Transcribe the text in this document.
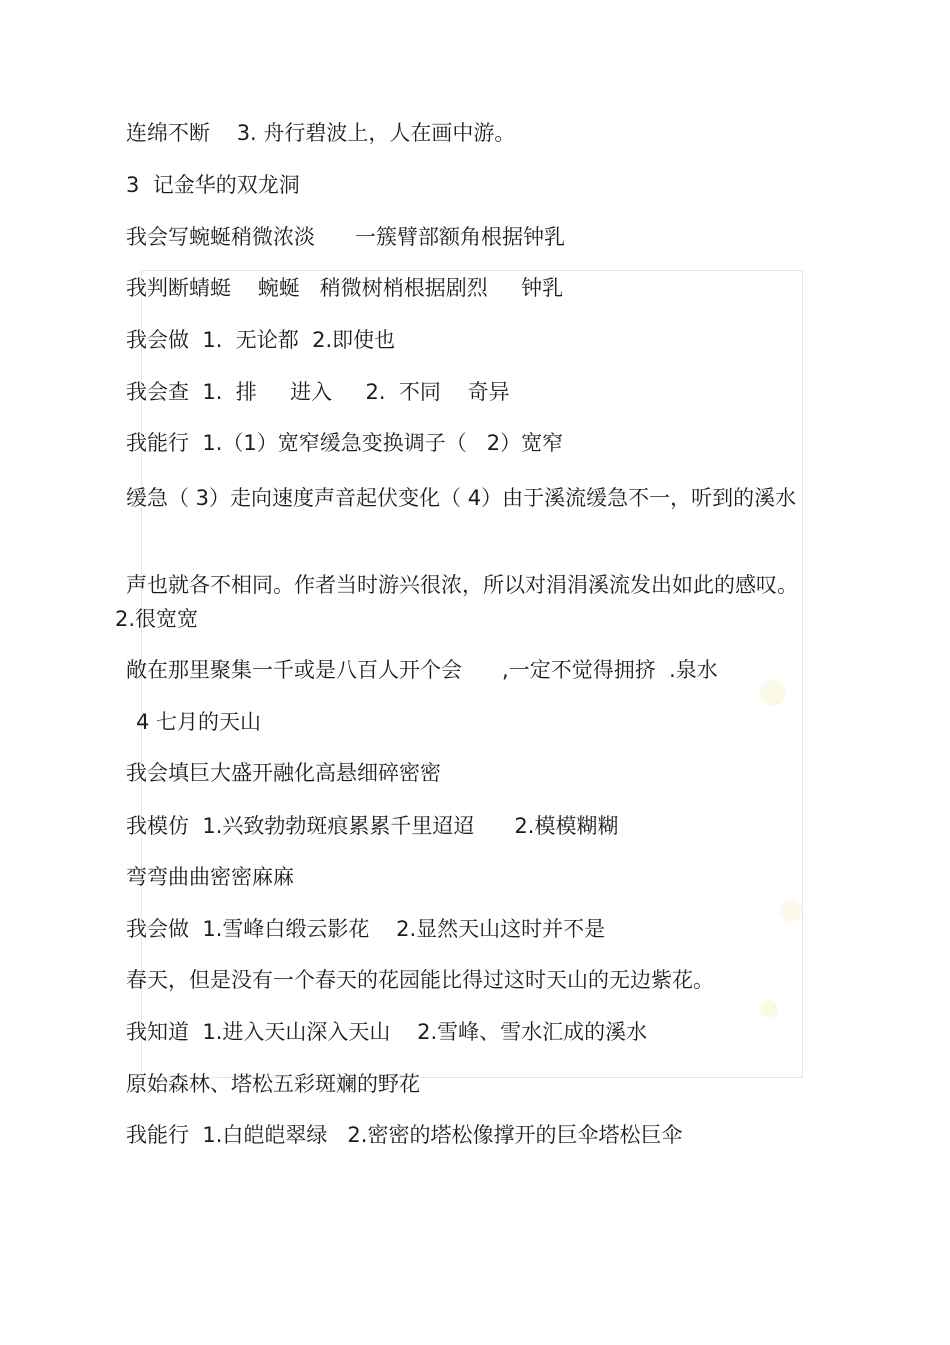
连绵不断    3. 舟行碧波上，人在画中游。
3  记金华的双龙洞
我会写蜿蜒稍微浓淡      一簇臂部额角根据钟乳
我判断蜻蜓    蜿蜒   稍微树梢根据剧烈     钟乳
我会做  1.  无论都  2.即使也
我会查  1.  排     进入     2.  不同    奇异
我能行  1.（1）宽窄缓急变换调子（   2）宽窄
缓急（ 3）走向速度声音起伏变化（ 4）由于溪流缓急不一，听到的溪水
声也就各不相同。作者当时游兴很浓，所以对涓涓溪流发出如此的感叹。 2.很宽宽
敞在那里聚集一千或是八百人开个会      ,一定不觉得拥挤  .泉水
4 七月的天山
我会填巨大盛开融化高悬细碎密密
我模仿  1.兴致勃勃斑痕累累千里迢迢      2.模模糊糊
弯弯曲曲密密麻麻
我会做  1.雪峰白缎云影花    2.显然天山这时并不是
春天，但是没有一个春天的花园能比得过这时天山的无边紫花。
我知道  1.进入天山深入天山    2.雪峰、雪水汇成的溪水
原始森林、塔松五彩斑斓的野花
我能行  1.白皑皑翠绿   2.密密的塔松像撑开的巨伞塔松巨伞
